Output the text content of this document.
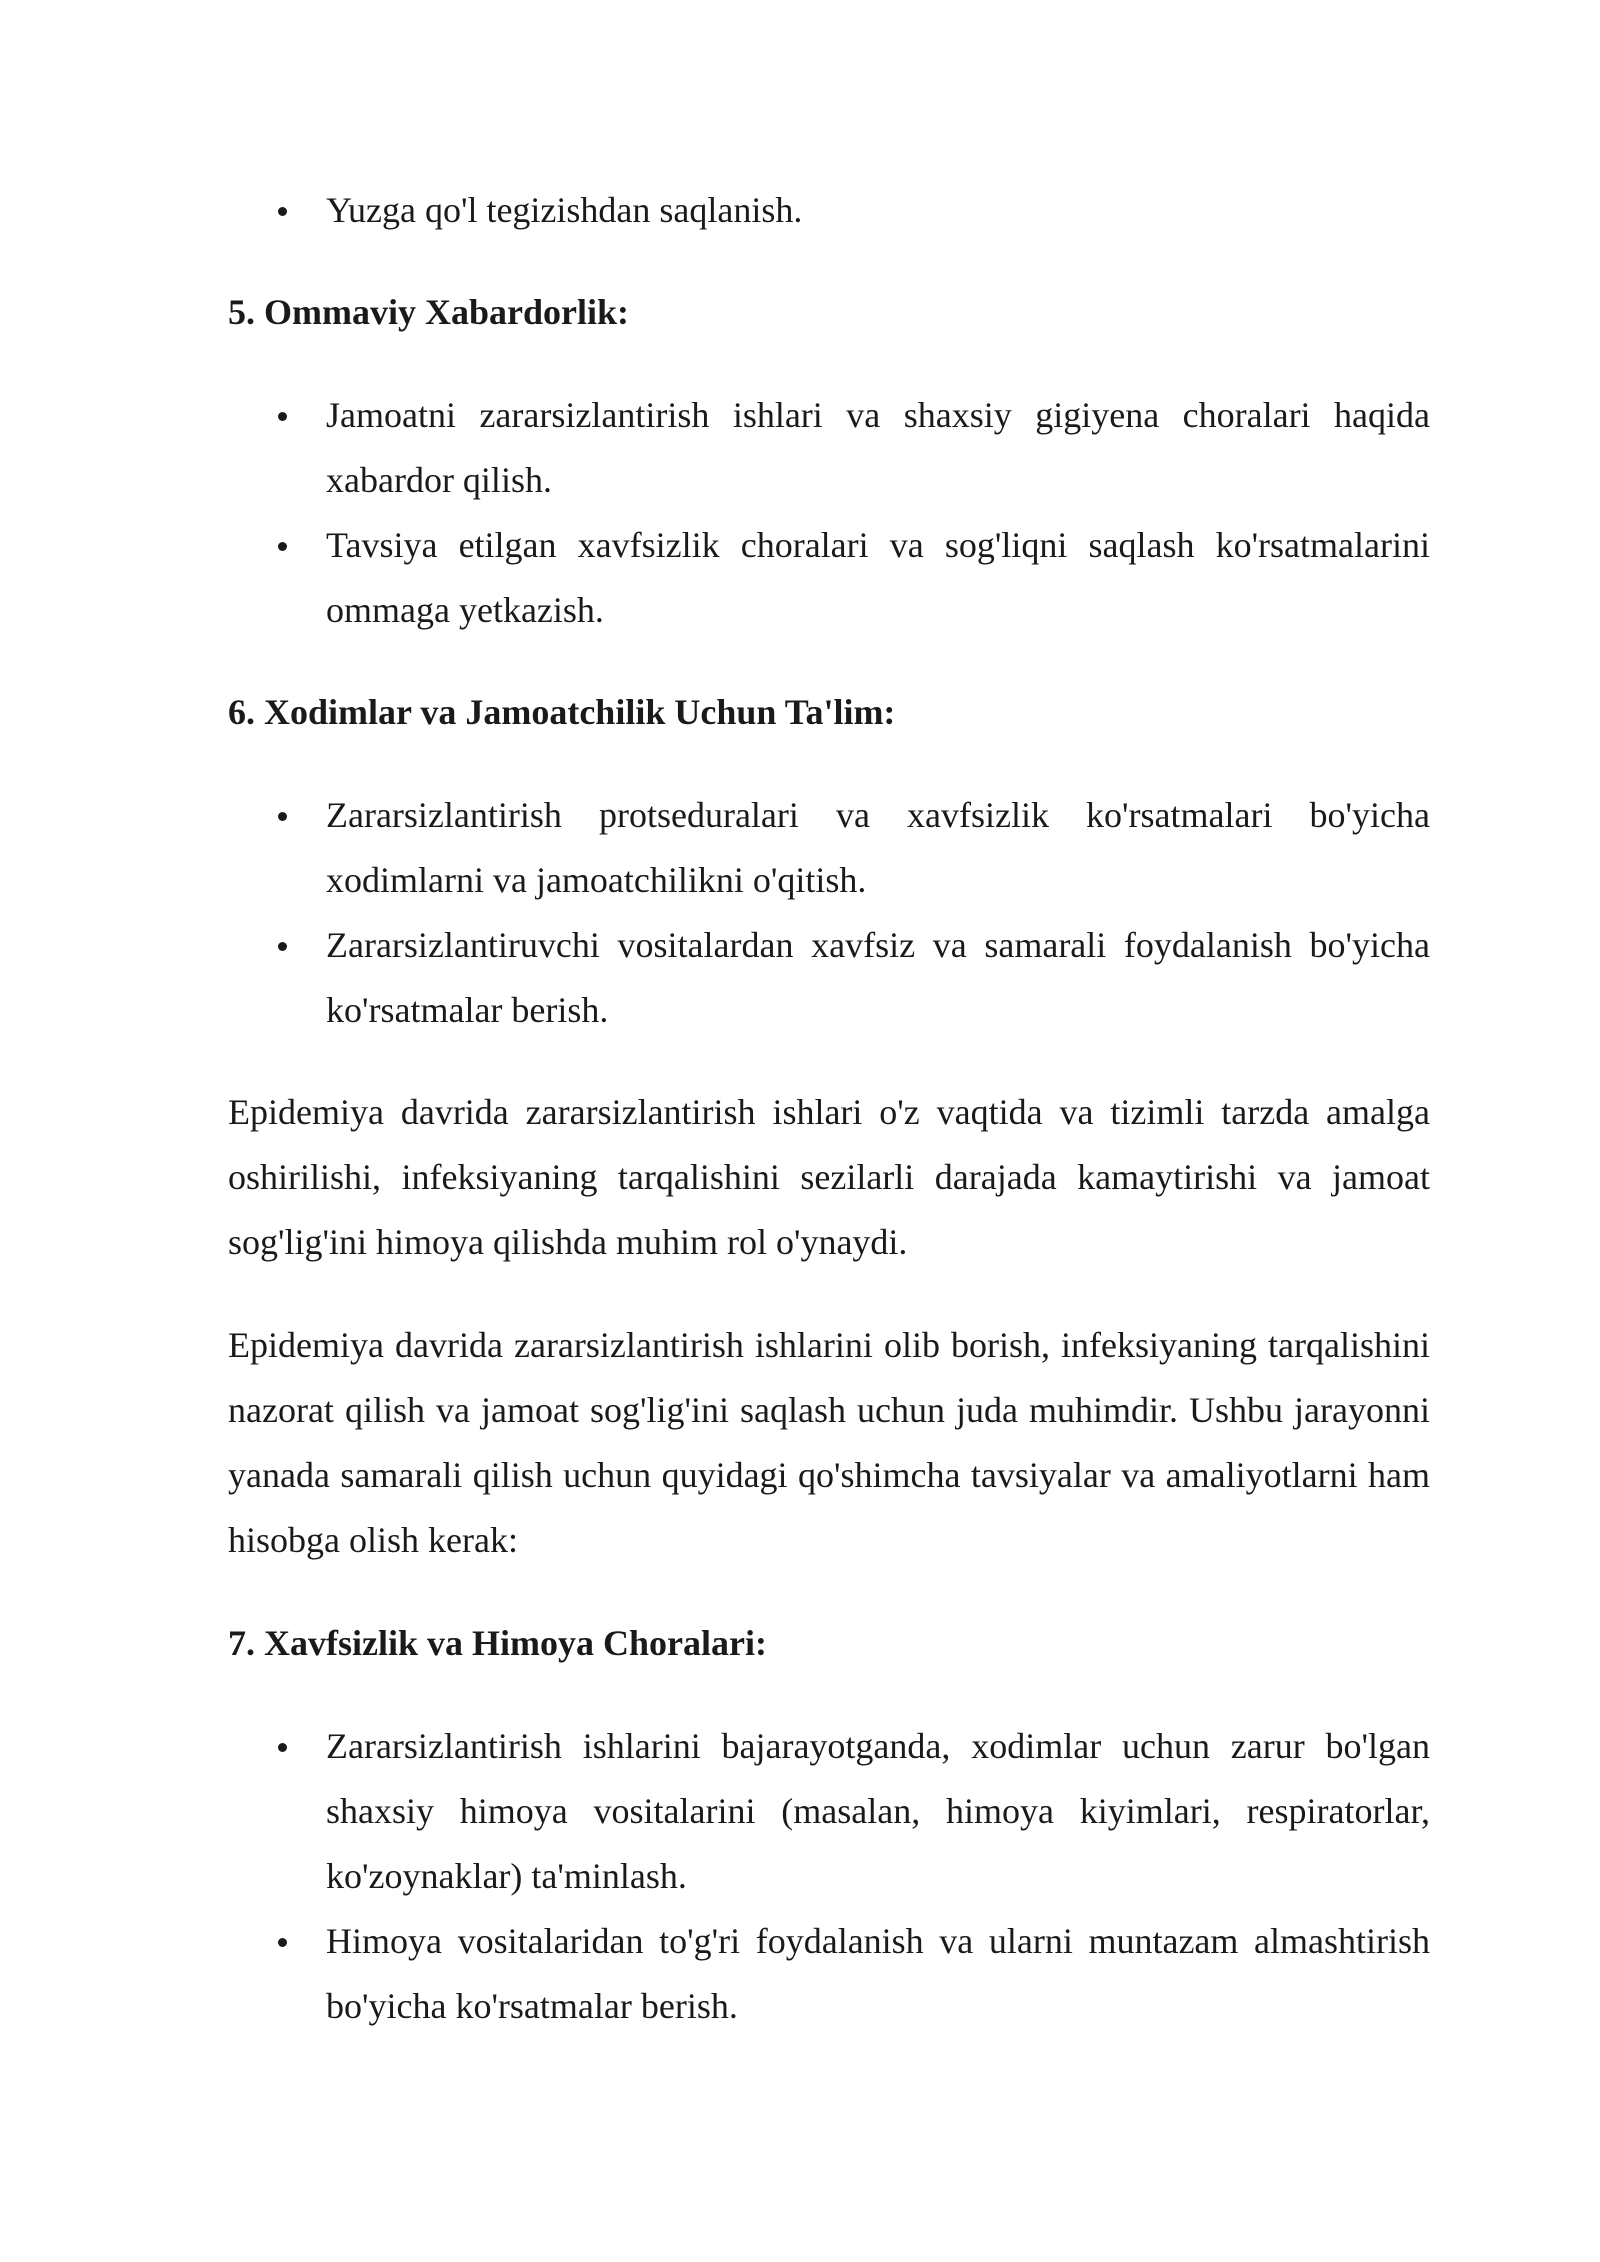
Yuzga qo'l tegizishdan saqlanish.
5. Ommaviy Xabardorlik:
Jamoatni zararsizlantirish ishlari va shaxsiy gigiyena choralari haqida xabardor qilish.
Tavsiya etilgan xavfsizlik choralari va sog'liqni saqlash ko'rsatmalarini ommaga yetkazish.
6. Xodimlar va Jamoatchilik Uchun Ta'lim:
Zararsizlantirish protseduralari va xavfsizlik ko'rsatmalari bo'yicha xodimlarni va jamoatchilikni o'qitish.
Zararsizlantiruvchi vositalardan xavfsiz va samarali foydalanish bo'yicha ko'rsatmalar berish.

Epidemiya davrida zararsizlantirish ishlari o'z vaqtida va tizimli tarzda amalga oshirilishi, infeksiyaning tarqalishini sezilarli darajada kamaytirishi va jamoat sog'lig'ini himoya qilishda muhim rol o'ynaydi.

Epidemiya davrida zararsizlantirish ishlarini olib borish, infeksiyaning tarqalishini nazorat qilish va jamoat sog'lig'ini saqlash uchun juda muhimdir. Ushbu jarayonni yanada samarali qilish uchun quyidagi qo'shimcha tavsiyalar va amaliyotlarni ham hisobga olish kerak:

7. Xavfsizlik va Himoya Choralari:
Zararsizlantirish ishlarini bajarayotganda, xodimlar uchun zarur bo'lgan shaxsiy himoya vositalarini (masalan, himoya kiyimlari, respiratorlar, ko'zoynaklar) ta'minlash.
Himoya vositalaridan to'g'ri foydalanish va ularni muntazam almashtirish bo'yicha ko'rsatmalar berish.
